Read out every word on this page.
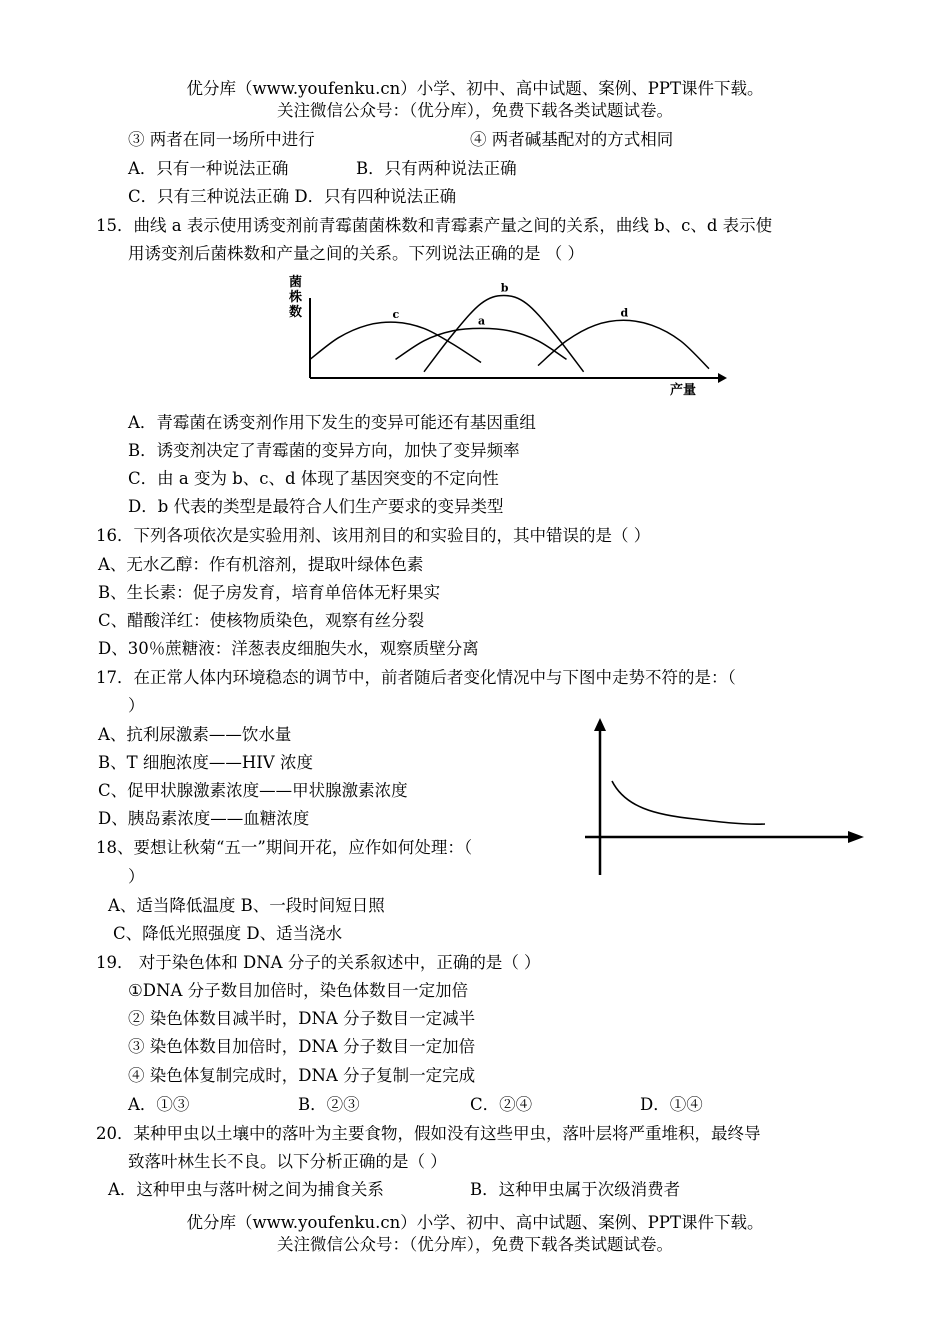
优分库（www.youfenku.cn）小学、初中、高中试题、案例、PPT课件下载。
关注微信公众号：（优分库），免费下载各类试题试卷。
③ 两者在同一场所中进行	④ 两者碱基配对的方式相同
A．只有一种说法正确	B．只有两种说法正确
C．只有三种说法正确 D．只有四种说法正确
15．曲线 a 表示使用诱变剂前青霉菌菌株数和青霉素产量之间的关系，曲线 b、c、d 表示使
用诱变剂后菌株数和产量之间的关系。下列说法正确的是 （ ）
菌
株
数
产量
c	a
b
d
A．青霉菌在诱变剂作用下发生的变异可能还有基因重组
B．诱变剂决定了青霉菌的变异方向，加快了变异频率
C．由 a 变为 b、c、d 体现了基因突变的不定向性
D．b 代表的类型是最符合人们生产要求的变异类型
16．下列各项依次是实验用剂、该用剂目的和实验目的，其中错误的是（ ）
A、无水乙醇：作有机溶剂，提取叶绿体色素
B、生长素：促子房发育，培育单倍体无籽果实
C、醋酸洋红：使核物质染色，观察有丝分裂
D、30％蔗糖液：洋葱表皮细胞失水，观察质壁分离
17．在正常人体内环境稳态的调节中，前者随后者变化情况中与下图中走势不符的是：（
）
A、抗利尿激素——饮水量
B、T 细胞浓度——HIV 浓度
C、促甲状腺激素浓度——甲状腺激素浓度
D、胰岛素浓度——血糖浓度
18、要想让秋菊“五一”期间开花，应作如何处理：（
）
A、适当降低温度 B、一段时间短日照
C、降低光照强度 D、适当浇水
19． 对于染色体和 DNA 分子的关系叙述中，正确的是（ ）
①DNA 分子数目加倍时，染色体数目一定加倍
② 染色体数目减半时，DNA 分子数目一定减半
③ 染色体数目加倍时，DNA 分子数目一定加倍
④ 染色体复制完成时，DNA 分子复制一定完成
A．①③	B．②③	C．②④	D．①④
20．某种甲虫以土壤中的落叶为主要食物，假如没有这些甲虫，落叶层将严重堆积，最终导
致落叶林生长不良。以下分析正确的是（ ）
A．这种甲虫与落叶树之间为捕食关系	B．这种甲虫属于次级消费者
优分库（www.youfenku.cn）小学、初中、高中试题、案例、PPT课件下载。
关注微信公众号：（优分库），免费下载各类试题试卷。
